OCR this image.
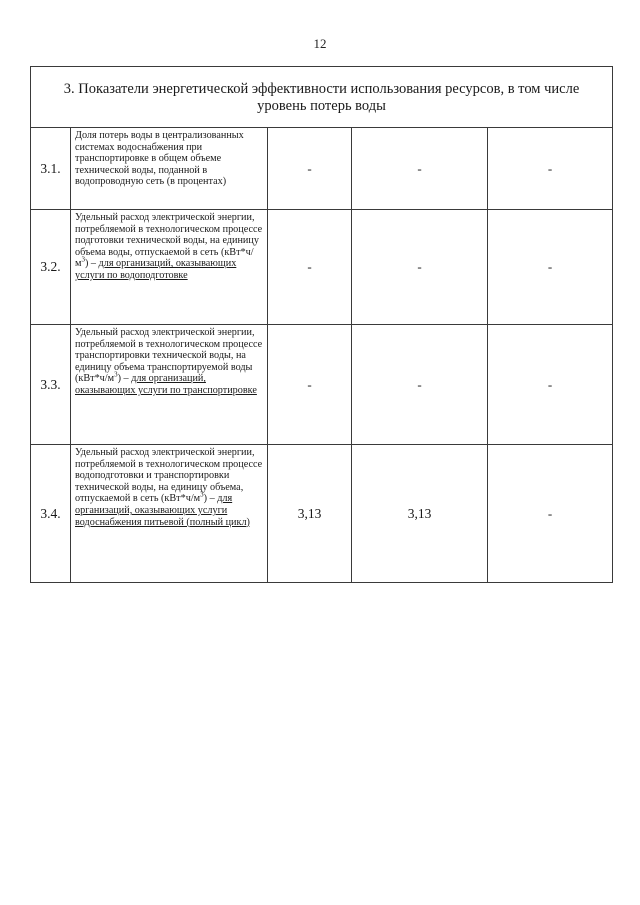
12
3. Показатели энергетической эффективности использования ресурсов, в том числе уровень потерь воды				
3.1.	Доля потерь воды в централизованных системах водоснабжения при транспортировке в общем объеме технической воды, поданной в водопроводную сеть (в процентах)	-	-	-
3.2.	Удельный расход электрической энергии, потребляемой в технологическом процессе подготовки технической воды, на единицу объема воды, отпускаемой в сеть $(кВт*ч/м^3)$ – для организаций, оказывающих услуги по водоподготовке	-	-	-
3.3.	Удельный расход электрической энергии, потребляемой в технологическом процессе транспортировки технической воды, на единицу объема транспортируемой воды $(кВт*ч/м^3)$ – для организаций, оказывающих услуги по транспортировке	-	-	-
3.4.	Удельный расход электрической энергии, потребляемой в технологическом процессе водоподготовки и транспортировки технической воды, на единицу объема, отпускаемой в сеть $(кВт*ч/м^3)$ – для организаций, оказывающих услуги водоснабжения питьевой (полный цикл)	3,13	3,13	-
